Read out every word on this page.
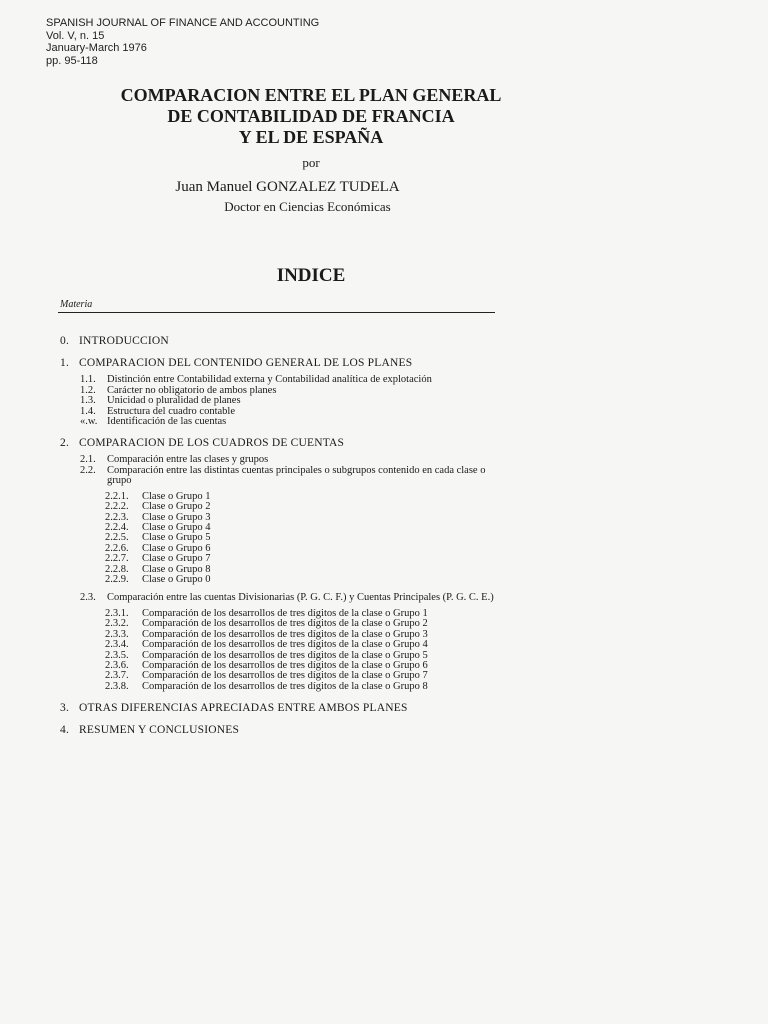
SPANISH JOURNAL OF FINANCE AND ACCOUNTING
Vol. V, n. 15
January-March 1976
pp. 95-118
COMPARACION ENTRE EL PLAN GENERAL
DE CONTABILIDAD DE FRANCIA
Y EL DE ESPAÑA
por
Juan Manuel GONZALEZ TUDELA
Doctor en Ciencias Económicas
INDICE
Materia
0. INTRODUCCION
1. COMPARACION DEL CONTENIDO GENERAL DE LOS PLANES
1.1.	Distinción entre Contabilidad externa y Contabilidad analítica de explotación
1.2.	Carácter no obligatorio de ambos planes
1.3.	Unicidad o pluralidad de planes
1.4.	Estructura del cuadro contable
«.w. Identificación de las cuentas
2. COMPARACION DE LOS CUADROS DE CUENTAS
2.1.	Comparación entre las clases y grupos
2.2.	Comparación entre las distintas cuentas principales o subgrupos contenido en cada clase o grupo
2.2.1.	Clase o Grupo 1
2.2.2.	Clase o Grupo 2
2.2.3.	Clase o Grupo 3
2.2.4.	Clase o Grupo 4
2.2.5.	Clase o Grupo 5
2.2.6.	Clase o Grupo 6
2.2.7.	Clase o Grupo 7
2.2.8.	Clase o Grupo 8
2.2.9.	Clase o Grupo 0
2.3.	Comparación entre las cuentas Divisionarias (P. G. C. F.) y Cuentas Principales (P. G. C. E.)
2.3.1.	Comparación de los desarrollos de tres dígitos de la clase o Grupo 1
2.3.2.	Comparación de los desarrollos de tres dígitos de la clase o Grupo 2
2.3.3.	Comparación de los desarrollos de tres dígitos de la clase o Grupo 3
2.3.4.	Comparación de los desarrollos de tres dígitos de la clase o Grupo 4
2.3.5.	Comparación de los desarrollos de tres dígitos de la clase o Grupo 5
2.3.6.	Comparación de los desarrollos de tres dígitos de la clase o Grupo 6
2.3.7.	Comparación de los desarrollos de tres dígitos de la clase o Grupo 7
2.3.8.	Comparación de los desarrollos de tres dígitos de la clase o Grupo 8
3. OTRAS DIFERENCIAS APRECIADAS ENTRE AMBOS PLANES
4. RESUMEN Y CONCLUSIONES
